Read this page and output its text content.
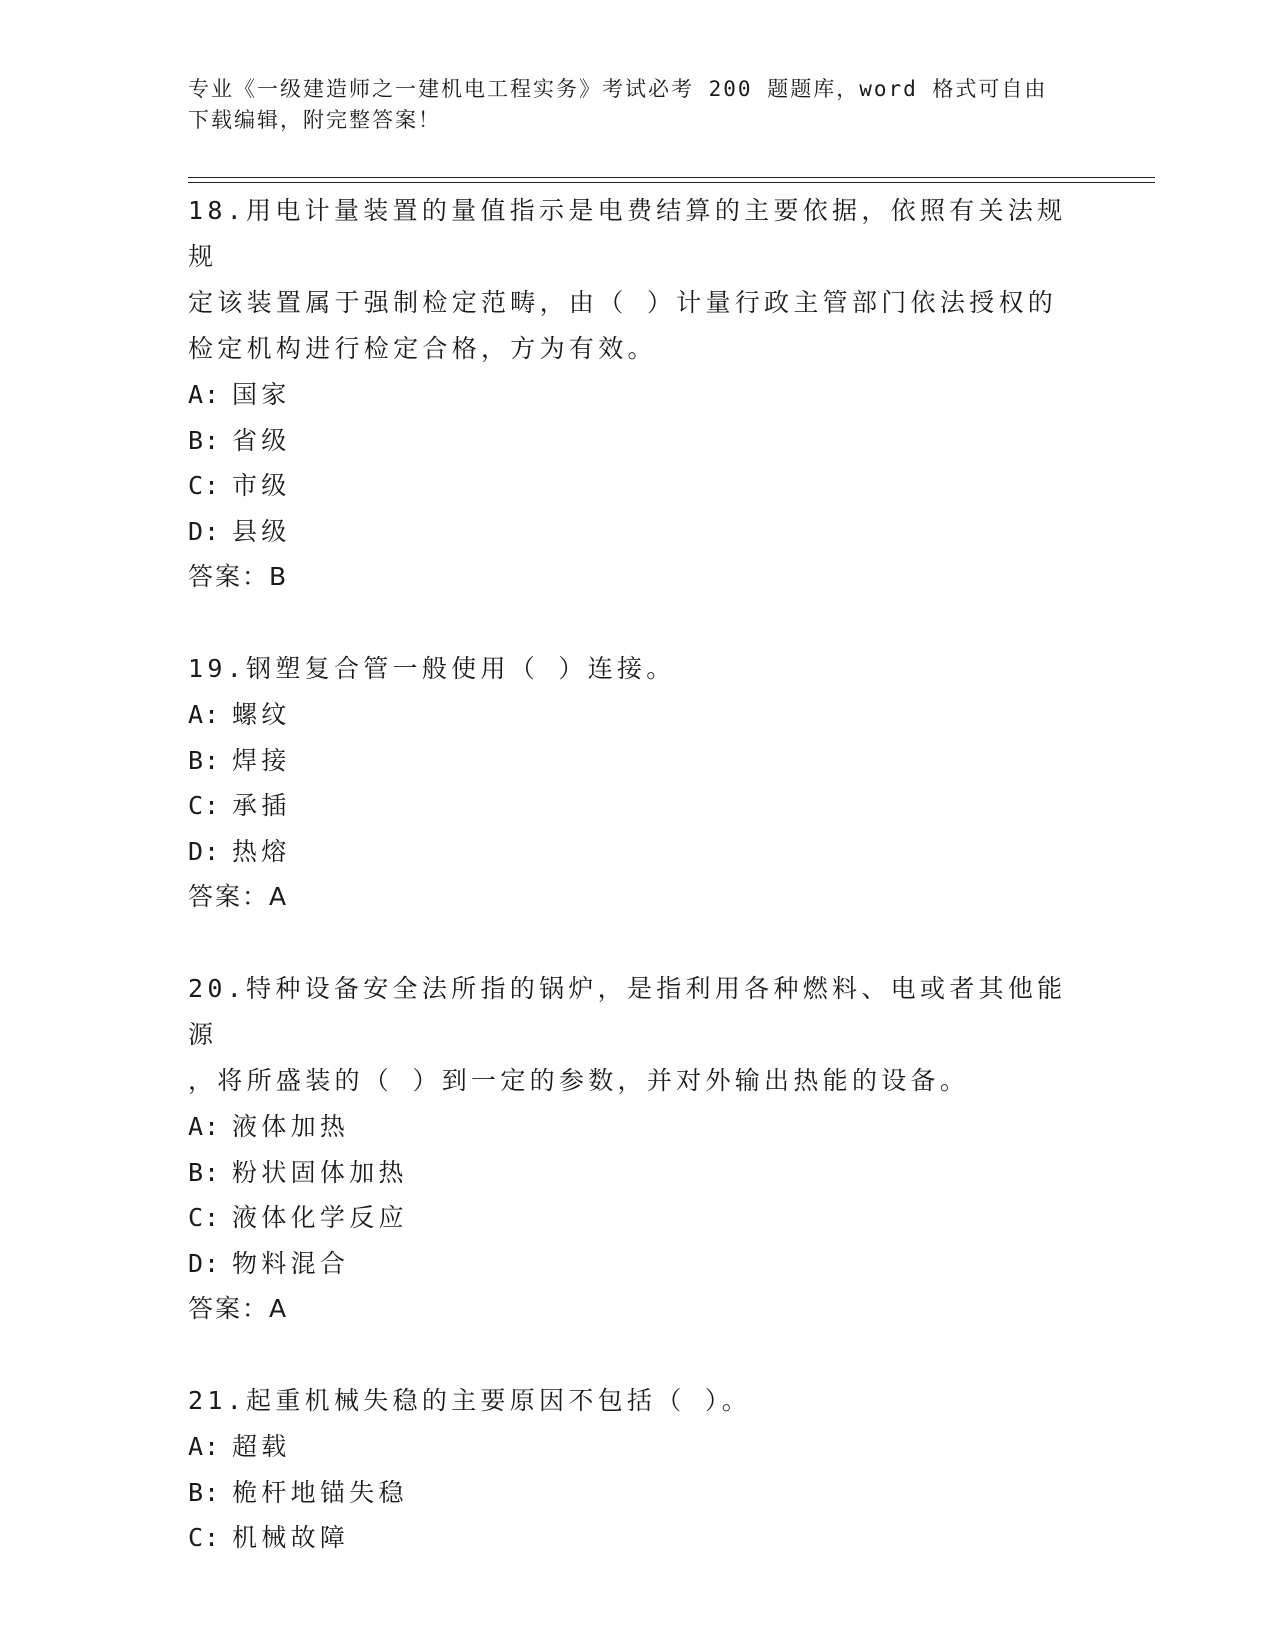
专业《一级建造师之一建机电工程实务》考试必考 200 题题库，word 格式可自由
下载编辑，附完整答案！
18.用电计量装置的量值指示是电费结算的主要依据，依照有关法规规
定该装置属于强制检定范畴，由（ ）计量行政主管部门依法授权的
检定机构进行检定合格，方为有效。
A: 国家
B: 省级
C: 市级
D: 县级
答案：B
19.钢塑复合管一般使用（ ）连接。
A: 螺纹
B: 焊接
C: 承插
D: 热熔
答案：A
20.特种设备安全法所指的锅炉，是指利用各种燃料、电或者其他能源
，将所盛装的（ ）到一定的参数，并对外输出热能的设备。
A: 液体加热
B: 粉状固体加热
C: 液体化学反应
D: 物料混合
答案：A
21.起重机械失稳的主要原因不包括（ ）。
A: 超载
B: 桅杆地锚失稳
C: 机械故障
